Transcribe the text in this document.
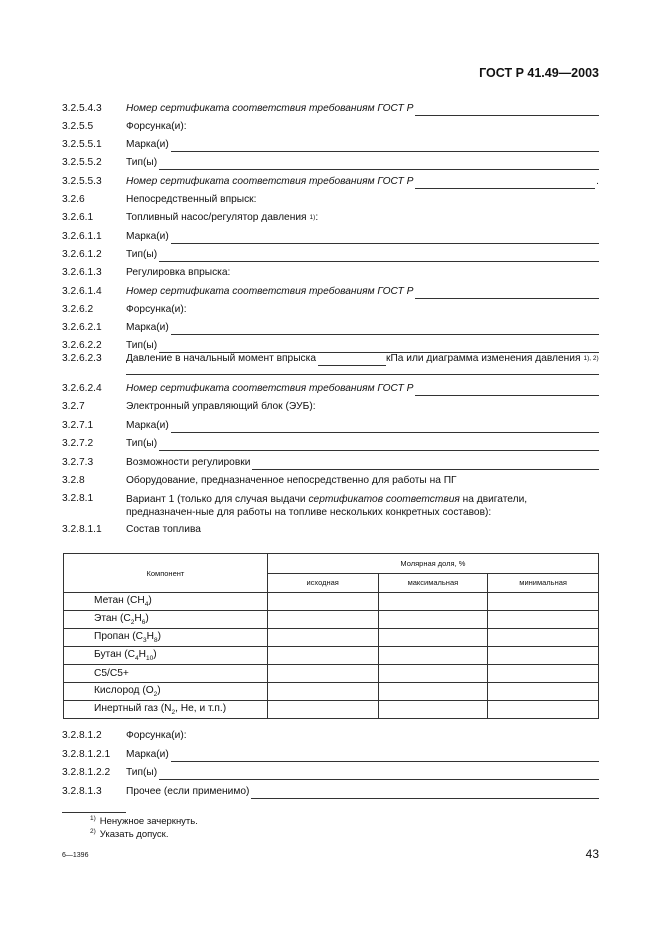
ГОСТ Р 41.49—2003
3.2.5.4.3	Номер сертификата соответствия требованиям ГОСТ Р
3.2.5.5	Форсунка(и):
3.2.5.5.1	Марка(и)
3.2.5.5.2	Тип(ы)
3.2.5.5.3	Номер сертификата соответствия требованиям ГОСТ Р	.
3.2.6	Непосредственный впрыск:
3.2.6.1	Топливный насос/регулятор давления 1) :
3.2.6.1.1	Марка(и)
3.2.6.1.2	Тип(ы)
3.2.6.1.3	Регулировка впрыска:
3.2.6.1.4	Номер сертификата соответствия требованиям ГОСТ Р
3.2.6.2	Форсунка(и):
3.2.6.2.1	Марка(и)
3.2.6.2.2	Тип(ы)
3.2.6.2.3	Давление в начальный момент впрыска	кПа или диаграмма изменения давления 1), 2)
3.2.6.2.4	Номер сертификата соответствия требованиям ГОСТ Р
3.2.7	Электронный управляющий блок (ЭУБ):
3.2.7.1	Марка(и)
3.2.7.2	Тип(ы)
3.2.7.3	Возможности регулировки
3.2.8	Оборудование, предназначенное непосредственно для работы на ПГ
3.2.8.1	Вариант 1 (только для случая выдачи сертификатов соответствия на двигатели, предназначен-ные для работы на топливе нескольких конкретных составов):
3.2.8.1.1	Состав топлива
Компонент	Молярная доля, %		
	исходная	максимальная	минимальная
Метан $(CH_4)$			
Этан $(C_2H_6)$			
Пропан $(C_3H_8)$			
Бутан $(C_4H_{10})$			
C5/C5+			
Кислород $(O_2)$			
Инертный газ ($N_2$, He, и т.п.)			
3.2.8.1.2	Форсунка(и):
3.2.8.1.2.1	Марка(и)
3.2.8.1.2.2	Тип(ы)
3.2.8.1.3	Прочее (если применимо)
$^{1)}$ Ненужное зачеркнуть.
$^{2)}$ Указать допуск.
6—1396	43
